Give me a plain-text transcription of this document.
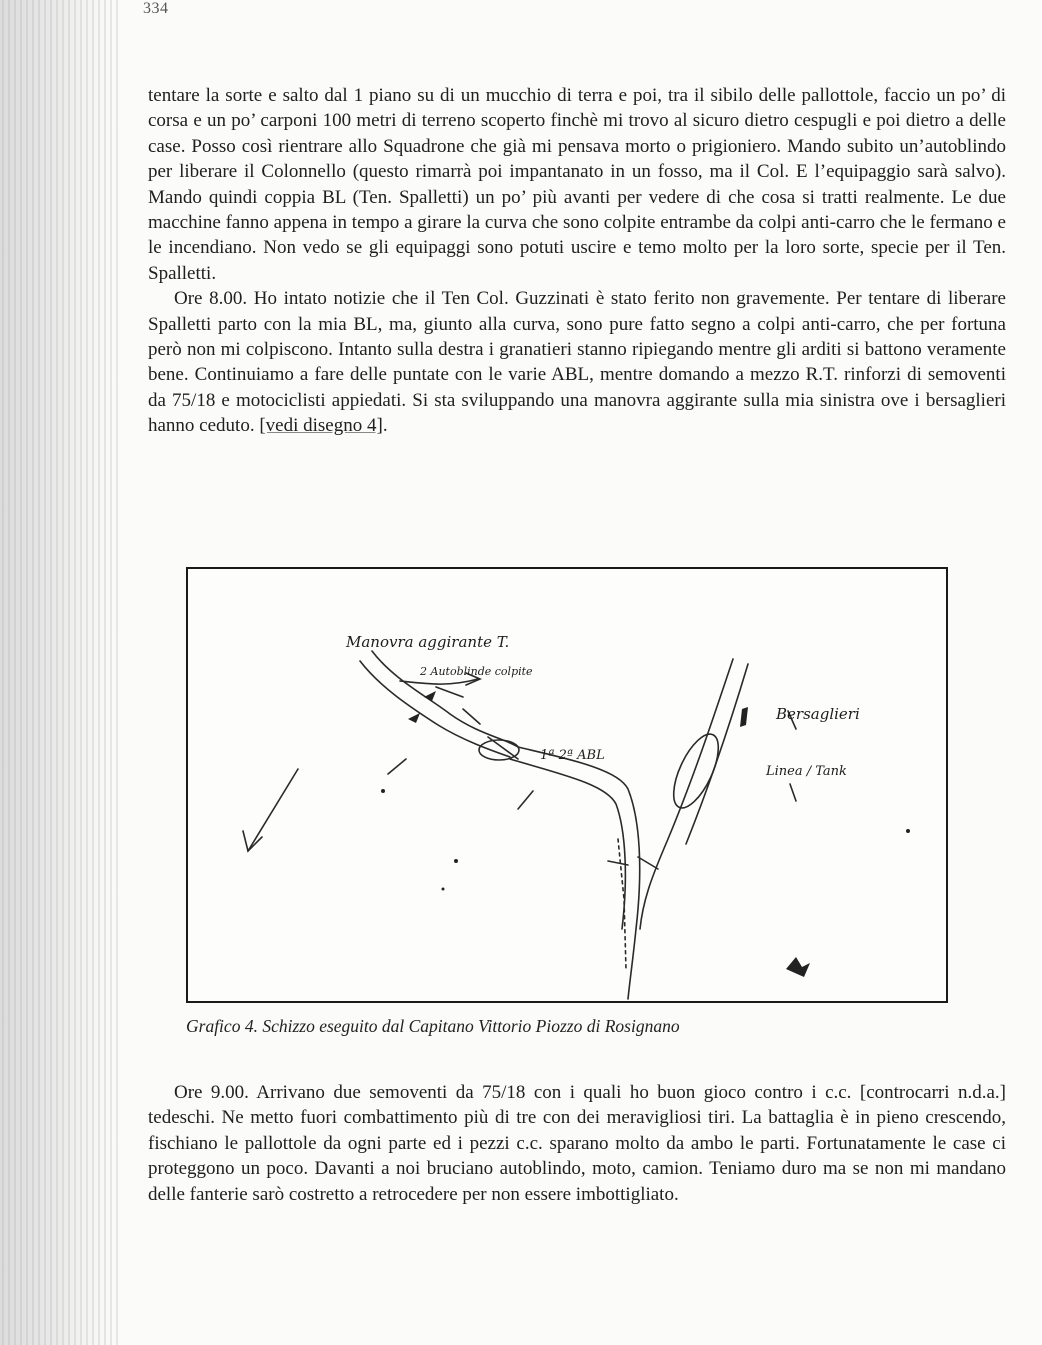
334

tentare la sorte e salto dal 1 piano su di un mucchio di terra e poi, tra il sibilo delle pallottole, faccio un po’ di corsa e un po’ carponi 100 metri di terreno scoperto finchè mi trovo al sicuro dietro cespugli e poi dietro a delle case. Posso così rientrare allo Squadrone che già mi pensava morto o prigioniero. Mando subito un’autoblindo per liberare il Colonnello (questo rimarrà poi impantanato in un fosso, ma il Col. E l’equipaggio sarà salvo). Mando quindi coppia BL (Ten. Spalletti) un po’ più avanti per vedere di che cosa si tratti realmente. Le due macchine fanno appena in tempo a girare la curva che sono colpite entrambe da colpi anti-carro che le fermano e le incendiano. Non vedo se gli equipaggi sono potuti uscire e temo molto per la loro sorte, specie per il Ten. Spalletti.

Ore 8.00. Ho intato notizie che il Ten Col. Guzzinati è stato ferito non gravemente. Per tentare di liberare Spalletti parto con la mia BL, ma, giunto alla curva, sono pure fatto segno a colpi anti-carro, che per fortuna però non mi colpiscono. Intanto sulla destra i granatieri stanno ripiegando mentre gli arditi si battono veramente bene. Continuiamo a fare delle puntate con le varie ABL, mentre domando a mezzo R.T. rinforzi di semoventi da 75/18 e motociclisti appiedati. Si sta sviluppando una manovra aggirante sulla mia sinistra ove i bersaglieri hanno ceduto. [vedi disegno 4].

Manovra aggirante T.
2 Autoblinde colpite
1ª 2ª ABL
Bersaglieri
Linea / Tank
Grafico 4. Schizzo eseguito dal Capitano Vittorio Piozzo di Rosignano

Ore 9.00. Arrivano due semoventi da 75/18 con i quali ho buon gioco contro i c.c. [controcarri n.d.a.] tedeschi. Ne metto fuori combattimento più di tre con dei meravigliosi tiri. La battaglia è in pieno crescendo, fischiano le pallottole da ogni parte ed i pezzi c.c. sparano molto da ambo le parti. Fortunatamente le case ci proteggono un poco. Davanti a noi bruciano autoblindo, moto, camion. Teniamo duro ma se non mi mandano delle fanterie sarò costretto a retrocedere per non essere imbottigliato.
